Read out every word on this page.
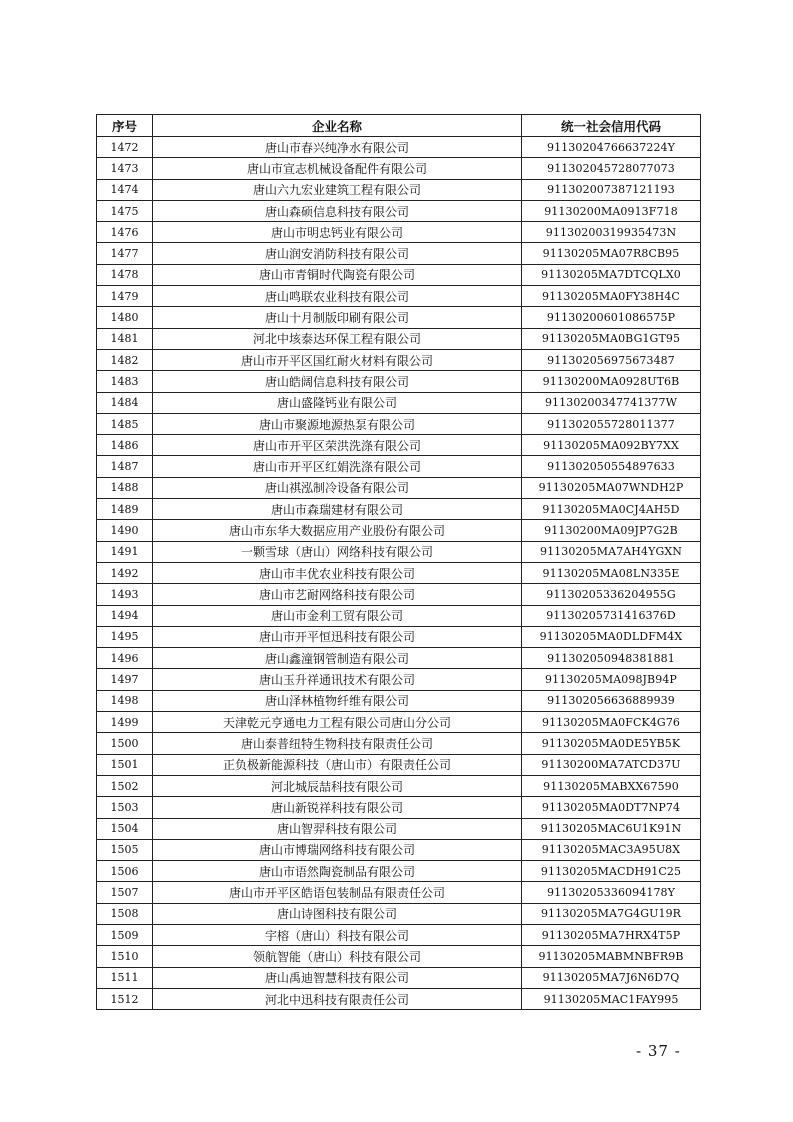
序号	企业名称	统一社会信用代码
1472	唐山市春兴纯净水有限公司	91130204766637224Y
1473	唐山市宣志机械设备配件有限公司	911302045728077073
1474	唐山六九宏业建筑工程有限公司	911302007387121193
1475	唐山森硕信息科技有限公司	91130200MA0913F718
1476	唐山市明忠钙业有限公司	91130200319935473N
1477	唐山润安消防科技有限公司	91130205MA07R8CB95
1478	唐山市青铜时代陶瓷有限公司	91130205MA7DTCQLX0
1479	唐山鸣联农业科技有限公司	91130205MA0FY38H4C
1480	唐山十月制版印刷有限公司	91130200601086575P
1481	河北中垓泰达环保工程有限公司	91130205MA0BG1GT95
1482	唐山市开平区国红耐火材料有限公司	911302056975673487
1483	唐山皓阔信息科技有限公司	91130200MA0928UT6B
1484	唐山盛隆钙业有限公司	91130200347741377W
1485	唐山市聚源地源热泵有限公司	911302055728011377
1486	唐山市开平区荣洪洗涤有限公司	91130205MA092BY7XX
1487	唐山市开平区红娟洗涤有限公司	911302050554897633
1488	唐山祺泓制冷设备有限公司	91130205MA07WNDH2P
1489	唐山市森瑞建材有限公司	91130205MA0CJ4AH5D
1490	唐山市东华大数据应用产业股份有限公司	91130200MA09JP7G2B
1491	一颗雪球（唐山）网络科技有限公司	91130205MA7AH4YGXN
1492	唐山市丰优农业科技有限公司	91130205MA08LN335E
1493	唐山市艺耐网络科技有限公司	91130205336204955G
1494	唐山市金利工贸有限公司	91130205731416376D
1495	唐山市开平恒迅科技有限公司	91130205MA0DLDFM4X
1496	唐山鑫潼钢管制造有限公司	911302050948381881
1497	唐山玉升祥通讯技术有限公司	91130205MA098JB94P
1498	唐山泽林植物纤维有限公司	911302056636889939
1499	天津乾元亨通电力工程有限公司唐山分公司	91130205MA0FCK4G76
1500	唐山泰普纽特生物科技有限责任公司	91130205MA0DE5YB5K
1501	正负极新能源科技（唐山市）有限责任公司	91130200MA7ATCD37U
1502	河北城辰喆科技有限公司	91130205MABXX67590
1503	唐山新锐祥科技有限公司	91130205MA0DT7NP74
1504	唐山智羿科技有限公司	91130205MAC6U1K91N
1505	唐山市博瑞网络科技有限公司	91130205MAC3A95U8X
1506	唐山市语然陶瓷制品有限公司	91130205MACDH91C25
1507	唐山市开平区皓语包装制品有限责任公司	91130205336094178Y
1508	唐山诗图科技有限公司	91130205MA7G4GU19R
1509	宇榕（唐山）科技有限公司	91130205MA7HRX4T5P
1510	领航智能（唐山）科技有限公司	91130205MABMNBFR9B
1511	唐山禹迪智慧科技有限公司	91130205MA7J6N6D7Q
1512	河北中迅科技有限责任公司	91130205MAC1FAY995
- 37 -
